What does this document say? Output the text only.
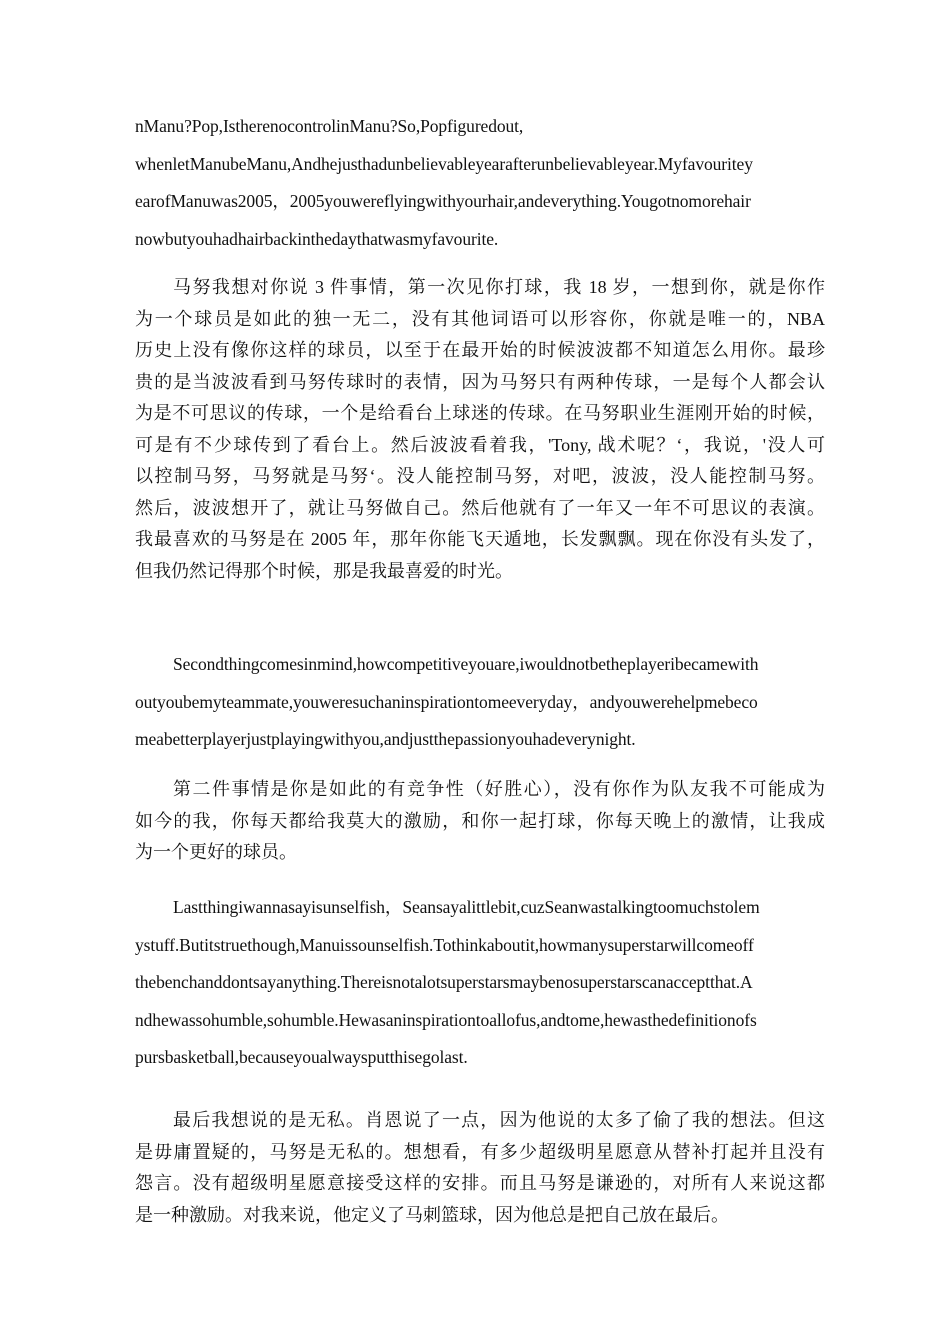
nManu?Pop,IstherenocontrolinManu?So,Popfiguredout,
whenletManubeManu,Andhejusthadunbelievableyearafterunbelievableyear.Myfavouritey
earofManuwas2005，2005youwereflyingwithyourhair,andeverything.Yougotnomorehair
nowbutyouhadhairbackinthedaythatwasmyfavourite.
马努我想对你说 3 件事情，第一次见你打球，我 18 岁，一想到你，就是你作
为一个球员是如此的独一无二，没有其他词语可以形容你，你就是唯一的，NBA
历史上没有像你这样的球员，以至于在最开始的时候波波都不知道怎么用你。最珍
贵的是当波波看到马努传球时的表情，因为马努只有两种传球，一是每个人都会认
为是不可思议的传球，一个是给看台上球迷的传球。在马努职业生涯刚开始的时候，
可是有不少球传到了看台上。然后波波看着我，'Tony, 战术呢？‘，我说，'没人可
以控制马努，马努就是马努‘。没人能控制马努，对吧，波波，没人能控制马努。
然后，波波想开了，就让马努做自己。然后他就有了一年又一年不可思议的表演。
我最喜欢的马努是在 2005 年，那年你能飞天遁地，长发飘飘。现在你没有头发了，
但我仍然记得那个时候，那是我最喜爱的时光。
Secondthingcomesinmind,howcompetitiveyouare,iwouldnotbetheplayeribecamewith
outyoubemyteammate,youweresuchaninspirationtomeeveryday，andyouwerehelpmebeco
meabetterplayerjustplayingwithyou,andjustthepassionyouhadeverynight.
第二件事情是你是如此的有竞争性（好胜心），没有你作为队友我不可能成为
如今的我，你每天都给我莫大的激励，和你一起打球，你每天晚上的激情，让我成
为一个更好的球员。
Lastthingiwannasayisunselfish，Seansayalittlebit,cuzSeanwastalkingtoomuchstolem
ystuff.Butitstruethough,Manuissounselfish.Tothinkaboutit,howmanysuperstarwillcomeoff
thebenchanddontsayanything.Thereisnotalotsuperstarsmaybenosuperstarscanacceptthat.A
ndhewassohumble,sohumble.Hewasaninspirationtoallofus,andtome,hewasthedefinitionofs
pursbasketball,becauseyoualwaysputthisegolast.
最后我想说的是无私。肖恩说了一点，因为他说的太多了偷了我的想法。但这
是毋庸置疑的，马努是无私的。想想看，有多少超级明星愿意从替补打起并且没有
怨言。没有超级明星愿意接受这样的安排。而且马努是谦逊的，对所有人来说这都
是一种激励。对我来说，他定义了马刺篮球，因为他总是把自己放在最后。
